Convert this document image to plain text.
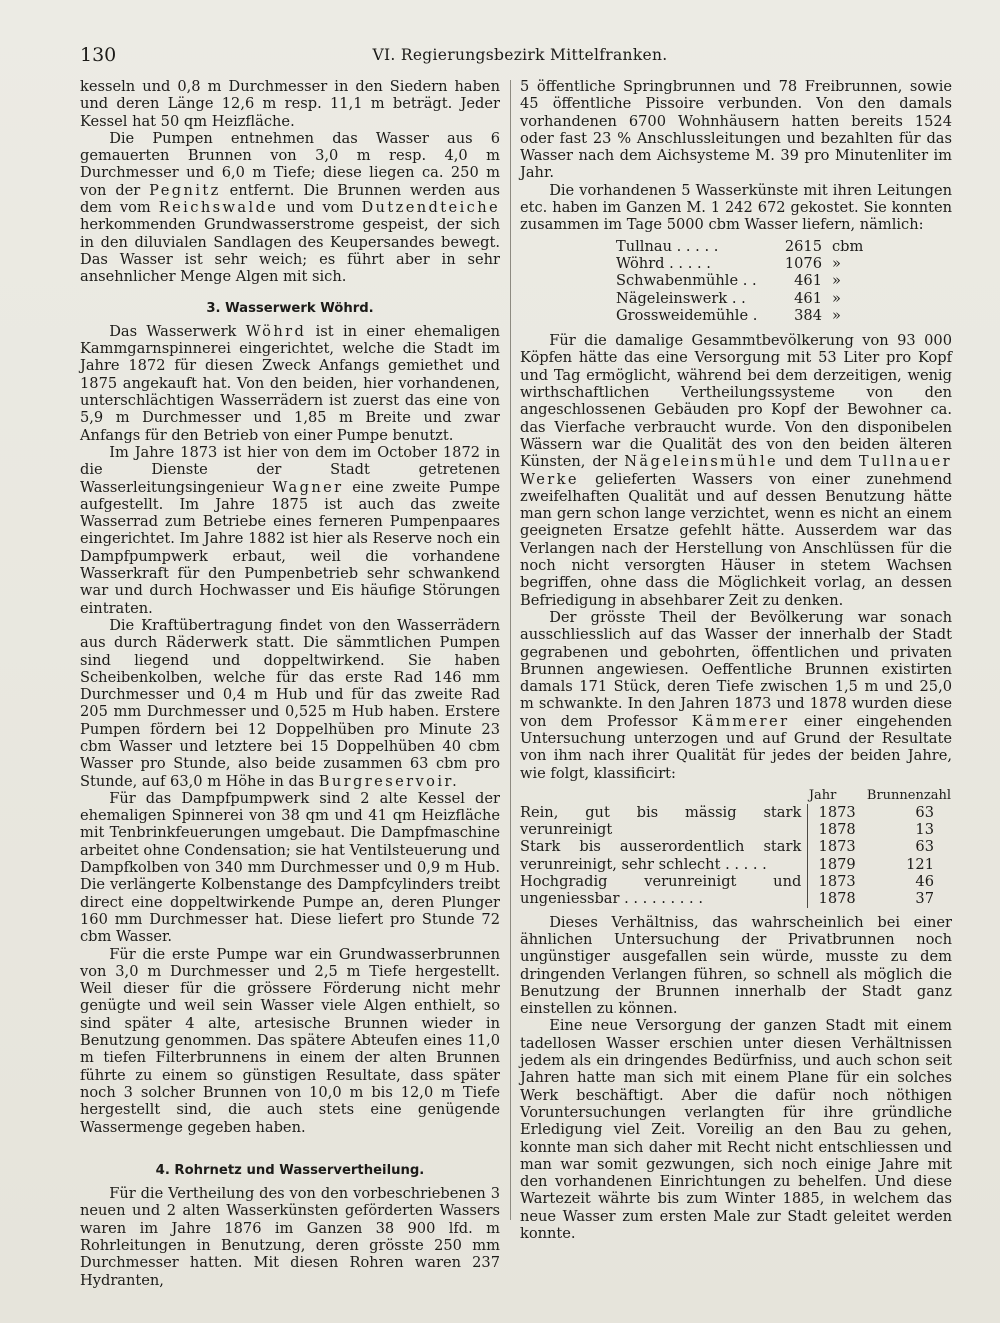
130	VI. Regierungsbezirk Mittelfranken.

kesseln und 0,8 m Durchmesser in den Siedern haben und deren Länge 12,6 m resp. 11,1 m beträgt. Jeder Kessel hat 50 qm Heizfläche.

Die Pumpen entnehmen das Wasser aus 6 gemauerten Brunnen von 3,0 m resp. 4,0 m Durchmesser und 6,0 m Tiefe; diese liegen ca. 250 m von der Pegnitz entfernt. Die Brunnen werden aus dem vom Reichswalde und vom Dutzendteiche herkommenden Grundwasserstrome gespeist, der sich in den diluvialen Sandlagen des Keupersandes bewegt. Das Wasser ist sehr weich; es führt aber in sehr ansehnlicher Menge Algen mit sich.

3. Wasserwerk Wöhrd.

Das Wasserwerk Wöhrd ist in einer ehemaligen Kammgarnspinnerei eingerichtet, welche die Stadt im Jahre 1872 für diesen Zweck Anfangs gemiethet und 1875 angekauft hat. Von den beiden, hier vorhandenen, unterschlächtigen Wasserrädern ist zuerst das eine von 5,9 m Durchmesser und 1,85 m Breite und zwar Anfangs für den Betrieb von einer Pumpe benutzt.

Im Jahre 1873 ist hier von dem im October 1872 in die Dienste der Stadt getretenen Wasserleitungsingenieur Wagner eine zweite Pumpe aufgestellt. Im Jahre 1875 ist auch das zweite Wasserrad zum Betriebe eines ferneren Pumpenpaares eingerichtet. Im Jahre 1882 ist hier als Reserve noch ein Dampfpumpwerk erbaut, weil die vorhandene Wasserkraft für den Pumpenbetrieb sehr schwankend war und durch Hochwasser und Eis häufige Störungen eintraten.

Die Kraftübertragung findet von den Wasserrädern aus durch Räderwerk statt. Die sämmtlichen Pumpen sind liegend und doppeltwirkend. Sie haben Scheibenkolben, welche für das erste Rad 146 mm Durchmesser und 0,4 m Hub und für das zweite Rad 205 mm Durchmesser und 0,525 m Hub haben. Erstere Pumpen fördern bei 12 Doppelhüben pro Minute 23 cbm Wasser und letztere bei 15 Doppelhüben 40 cbm Wasser pro Stunde, also beide zusammen 63 cbm pro Stunde, auf 63,0 m Höhe in das Burgreservoir.

Für das Dampfpumpwerk sind 2 alte Kessel der ehemaligen Spinnerei von 38 qm und 41 qm Heizfläche mit Tenbrinkfeuerungen umgebaut. Die Dampfmaschine arbeitet ohne Condensation; sie hat Ventilsteuerung und Dampfkolben von 340 mm Durchmesser und 0,9 m Hub. Die verlängerte Kolbenstange des Dampfcylinders treibt direct eine doppeltwirkende Pumpe an, deren Plunger 160 mm Durchmesser hat. Diese liefert pro Stunde 72 cbm Wasser.

Für die erste Pumpe war ein Grundwasserbrunnen von 3,0 m Durchmesser und 2,5 m Tiefe hergestellt. Weil dieser für die grössere Förderung nicht mehr genügte und weil sein Wasser viele Algen enthielt, so sind später 4 alte, artesische Brunnen wieder in Benutzung genommen. Das spätere Abteufen eines 11,0 m tiefen Filterbrunnens in einem der alten Brunnen führte zu einem so günstigen Resultate, dass später noch 3 solcher Brunnen von 10,0 m bis 12,0 m Tiefe hergestellt sind, die auch stets eine genügende Wassermenge gegeben haben.

4. Rohrnetz und Wasservertheilung.

Für die Vertheilung des von den vorbeschriebenen 3 neuen und 2 alten Wasserkünsten geförderten Wassers waren im Jahre 1876 im Ganzen 38 900 lfd. m Rohrleitungen in Benutzung, deren grösste 250 mm Durchmesser hatten. Mit diesen Rohren waren 237 Hydranten,

5 öffentliche Springbrunnen und 78 Freibrunnen, sowie 45 öffentliche Pissoire verbunden. Von den damals vorhandenen 6700 Wohnhäusern hatten bereits 1524 oder fast 23 % Anschlussleitungen und bezahlten für das Wasser nach dem Aichsysteme M. 39 pro Minutenliter im Jahr.

Die vorhandenen 5 Wasserkünste mit ihren Leitungen etc. haben im Ganzen M. 1 242 672 gekostet. Sie konnten zusammen im Tage 5000 cbm Wasser liefern, nämlich:

Tullnau . . . . .	2615	cbm
Wöhrd . . . . .	1076	»
Schwabenmühle . .	461	»
Nägeleinswerk . .	461	»
Grossweidemühle .	384	»

Für die damalige Gesammtbevölkerung von 93 000 Köpfen hätte das eine Versorgung mit 53 Liter pro Kopf und Tag ermöglicht, während bei dem derzeitigen, wenig wirthschaftlichen Vertheilungssysteme von den angeschlossenen Gebäuden pro Kopf der Bewohner ca. das Vierfache verbraucht wurde. Von den disponibelen Wässern war die Qualität des von den beiden älteren Künsten, der Nägeleinsmühle und dem Tullnauer Werke gelieferten Wassers von einer zunehmend zweifelhaften Qualität und auf dessen Benutzung hätte man gern schon lange verzichtet, wenn es nicht an einem geeigneten Ersatze gefehlt hätte. Ausserdem war das Verlangen nach der Herstellung von Anschlüssen für die noch nicht versorgten Häuser in stetem Wachsen begriffen, ohne dass die Möglichkeit vorlag, an dessen Befriedigung in absehbarer Zeit zu denken.

Der grösste Theil der Bevölkerung war sonach ausschliesslich auf das Wasser der innerhalb der Stadt gegrabenen und gebohrten, öffentlichen und privaten Brunnen angewiesen. Oeffentliche Brunnen existirten damals 171 Stück, deren Tiefe zwischen 1,5 m und 25,0 m schwankte. In den Jahren 1873 und 1878 wurden diese von dem Professor Kämmerer einer eingehenden Untersuchung unterzogen und auf Grund der Resultate von ihm nach ihrer Qualität für jedes der beiden Jahre, wie folgt, klassificirt:

	Jahr	Brunnenzahl
Rein, gut bis mässig stark verunreinigt	1873	63
	1878	13
Stark bis ausserordentlich stark verunreinigt, sehr schlecht . . . . .	1873	63
	1879	121
Hochgradig verunreinigt und ungeniessbar . . . . . . . . .	1873	46
	1878	37

Dieses Verhältniss, das wahrscheinlich bei einer ähnlichen Untersuchung der Privatbrunnen noch ungünstiger ausgefallen sein würde, musste zu dem dringenden Verlangen führen, so schnell als möglich die Benutzung der Brunnen innerhalb der Stadt ganz einstellen zu können.

Eine neue Versorgung der ganzen Stadt mit einem tadellosen Wasser erschien unter diesen Verhältnissen jedem als ein dringendes Bedürfniss, und auch schon seit Jahren hatte man sich mit einem Plane für ein solches Werk beschäftigt. Aber die dafür noch nöthigen Voruntersuchungen verlangten für ihre gründliche Erledigung viel Zeit. Voreilig an den Bau zu gehen, konnte man sich daher mit Recht nicht entschliessen und man war somit gezwungen, sich noch einige Jahre mit den vorhandenen Einrichtungen zu behelfen. Und diese Wartezeit währte bis zum Winter 1885, in welchem das neue Wasser zum ersten Male zur Stadt geleitet werden konnte.
